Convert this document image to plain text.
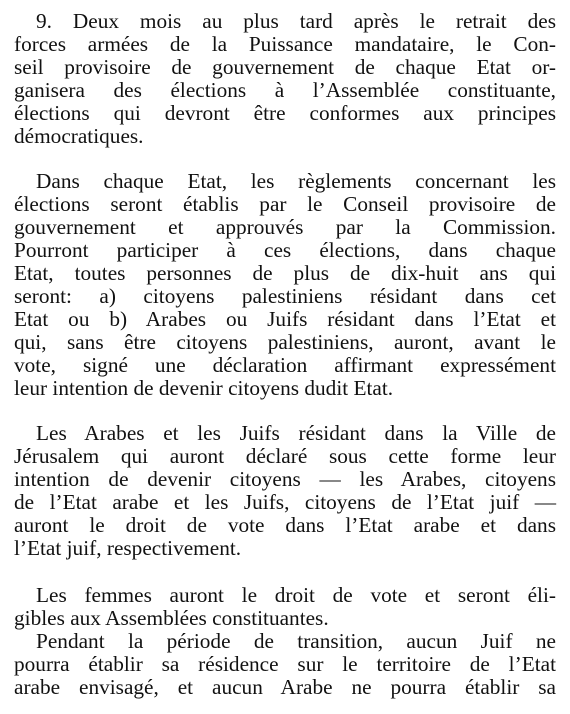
9. Deux mois au plus tard après le retrait des
forces armées de la Puissance mandataire, le Con-
seil provisoire de gouvernement de chaque Etat or-
ganisera des élections à l’Assemblée constituante,
élections qui devront être conformes aux principes
démocratiques.
Dans chaque Etat, les règlements concernant les
élections seront établis par le Conseil provisoire de
gouvernement et approuvés par la Commission.
Pourront participer à ces élections, dans chaque
Etat, toutes personnes de plus de dix-huit ans qui
seront: a) citoyens palestiniens résidant dans cet
Etat ou b) Arabes ou Juifs résidant dans l’Etat et
qui, sans être citoyens palestiniens, auront, avant le
vote, signé une déclaration affirmant expressément
leur intention de devenir citoyens dudit Etat.
Les Arabes et les Juifs résidant dans la Ville de
Jérusalem qui auront déclaré sous cette forme leur
intention de devenir citoyens — les Arabes, citoyens
de l’Etat arabe et les Juifs, citoyens de l’Etat juif —
auront le droit de vote dans l’Etat arabe et dans
l’Etat juif, respectivement.
Les femmes auront le droit de vote et seront éli-
gibles aux Assemblées constituantes.
Pendant la période de transition, aucun Juif ne
pourra établir sa résidence sur le territoire de l’Etat
arabe envisagé, et aucun Arabe ne pourra établir sa
